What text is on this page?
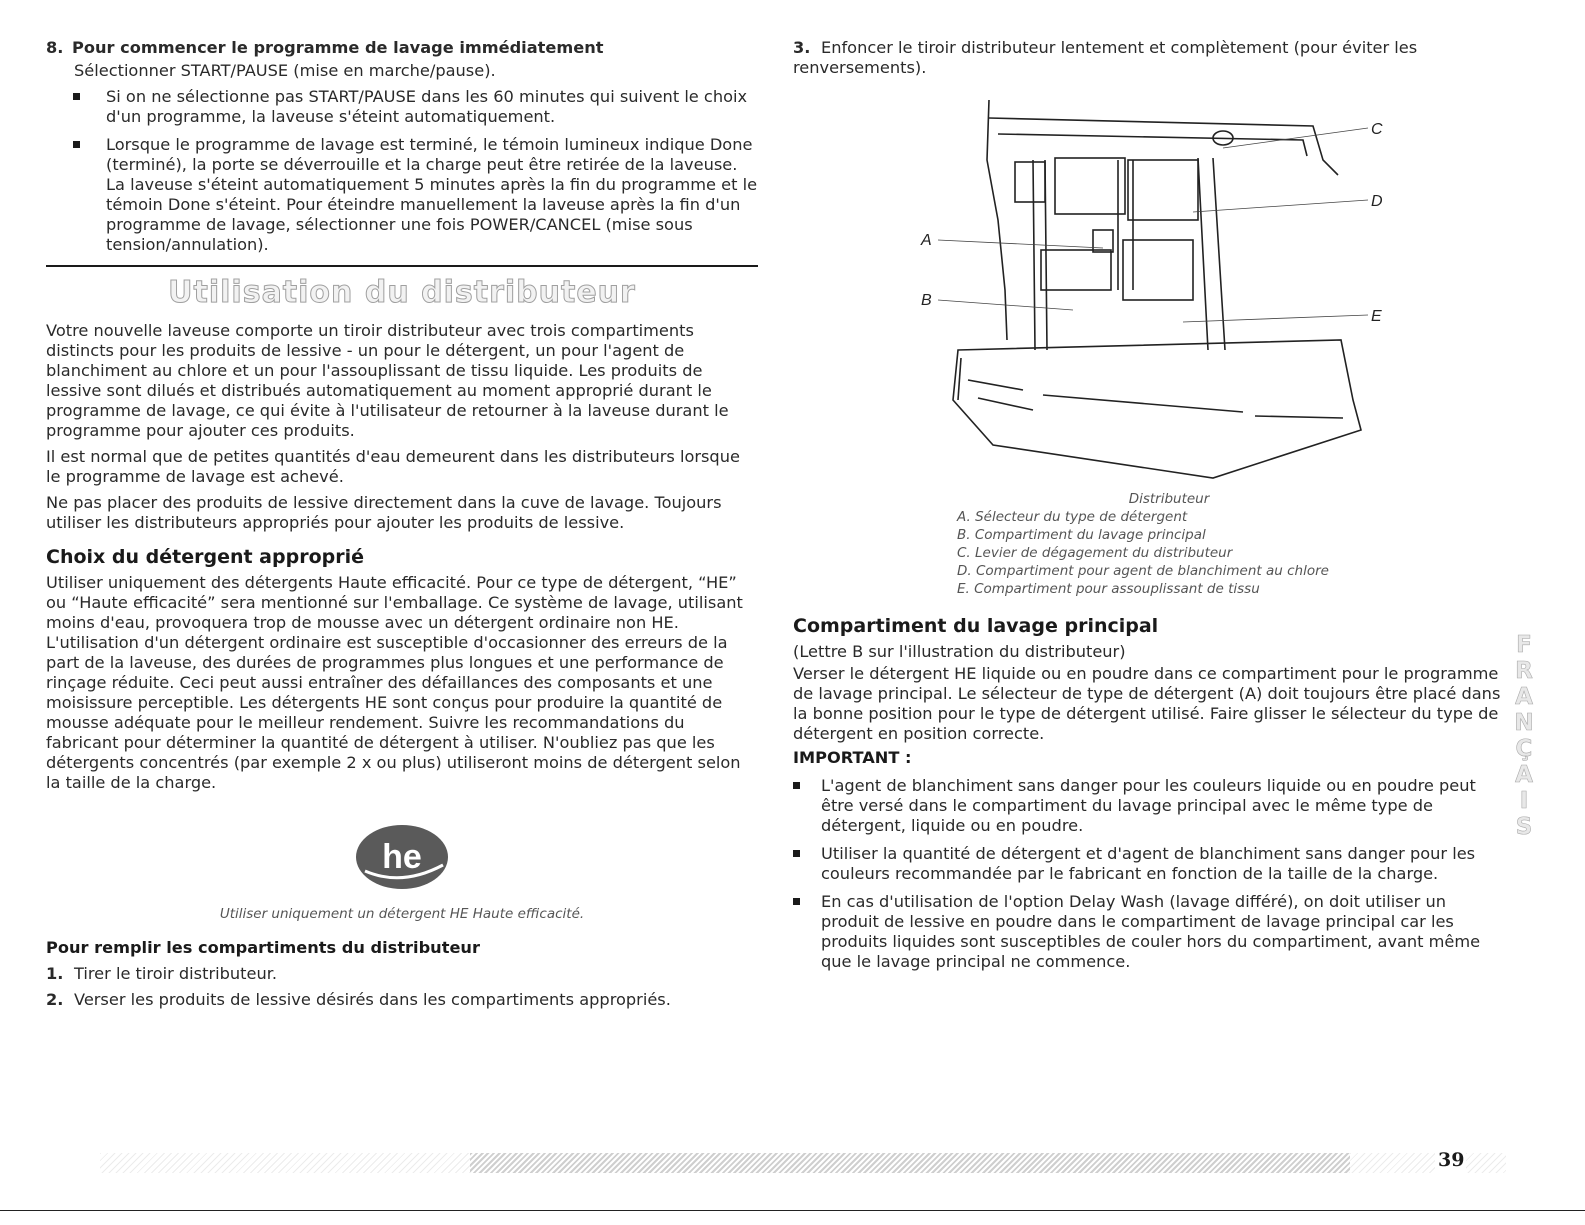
8. Pour commencer le programme de lavage immédiatement

Sélectionner START/PAUSE (mise en marche/pause).

Si on ne sélectionne pas START/PAUSE dans les 60 minutes qui suivent le choix d'un programme, la laveuse s'éteint automatiquement.
Lorsque le programme de lavage est terminé, le témoin lumineux indique Done (terminé), la porte se déverrouille et la charge peut être retirée de la laveuse. La laveuse s'éteint automatiquement 5 minutes après la fin du programme et le témoin Done s'éteint. Pour éteindre manuellement la laveuse après la fin d'un programme de lavage, sélectionner une fois POWER/CANCEL (mise sous tension/annulation).
Utilisation du distributeur

Votre nouvelle laveuse comporte un tiroir distributeur avec trois compartiments distincts pour les produits de lessive - un pour le détergent, un pour l'agent de blanchiment au chlore et un pour l'assouplissant de tissu liquide. Les produits de lessive sont dilués et distribués automatiquement au moment approprié durant le programme de lavage, ce qui évite à l'utilisateur de retourner à la laveuse durant le programme pour ajouter ces produits.

Il est normal que de petites quantités d'eau demeurent dans les distributeurs lorsque le programme de lavage est achevé.

Ne pas placer des produits de lessive directement dans la cuve de lavage. Toujours utiliser les distributeurs appropriés pour ajouter les produits de lessive.

Choix du détergent approprié

Utiliser uniquement des détergents Haute efficacité. Pour ce type de détergent, “HE” ou “Haute efficacité” sera mentionné sur l'emballage. Ce système de lavage, utilisant moins d'eau, provoquera trop de mousse avec un détergent ordinaire non HE. L'utilisation d'un détergent ordinaire est susceptible d'occasionner des erreurs de la part de la laveuse, des durées de programmes plus longues et une performance de rinçage réduite. Ceci peut aussi entraîner des défaillances des composants et une moisissure perceptible. Les détergents HE sont conçus pour produire la quantité de mousse adéquate pour le meilleur rendement. Suivre les recommandations du fabricant pour déterminer la quantité de détergent à utiliser. N'oubliez pas que les détergents concentrés (par exemple 2 x ou plus) utiliseront moins de détergent selon la taille de la charge.

he
Utiliser uniquement un détergent HE Haute efficacité.
Pour remplir les compartiments du distributeur
1. Tirer le tiroir distributeur.
2. Verser les produits de lessive désirés dans les compartiments appropriés.
3. Enfoncer le tiroir distributeur lentement et complètement (pour éviter les renversements).
A
B
C
D
E
Distributeur
A. Sélecteur du type de détergent
B. Compartiment du lavage principal
C. Levier de dégagement du distributeur
D. Compartiment pour agent de blanchiment au chlore
E. Compartiment pour assouplissant de tissu
Compartiment du lavage principal

(Lettre B sur l'illustration du distributeur)

Verser le détergent HE liquide ou en poudre dans ce compartiment pour le programme de lavage principal. Le sélecteur de type de détergent (A) doit toujours être placé dans la bonne position pour le type de détergent utilisé. Faire glisser le sélecteur du type de détergent en position correcte.

IMPORTANT :
L'agent de blanchiment sans danger pour les couleurs liquide ou en poudre peut être versé dans le compartiment du lavage principal avec le même type de détergent, liquide ou en poudre.
Utiliser la quantité de détergent et d'agent de blanchiment sans danger pour les couleurs recommandée par le fabricant en fonction de la taille de la charge.
En cas d'utilisation de l'option Delay Wash (lavage différé), on doit utiliser un produit de lessive en poudre dans le compartiment de lavage principal car les produits liquides sont susceptibles de couler hors du compartiment, avant même que le lavage principal ne commence.
F
R
A
N
Ç
A
I
S
39
